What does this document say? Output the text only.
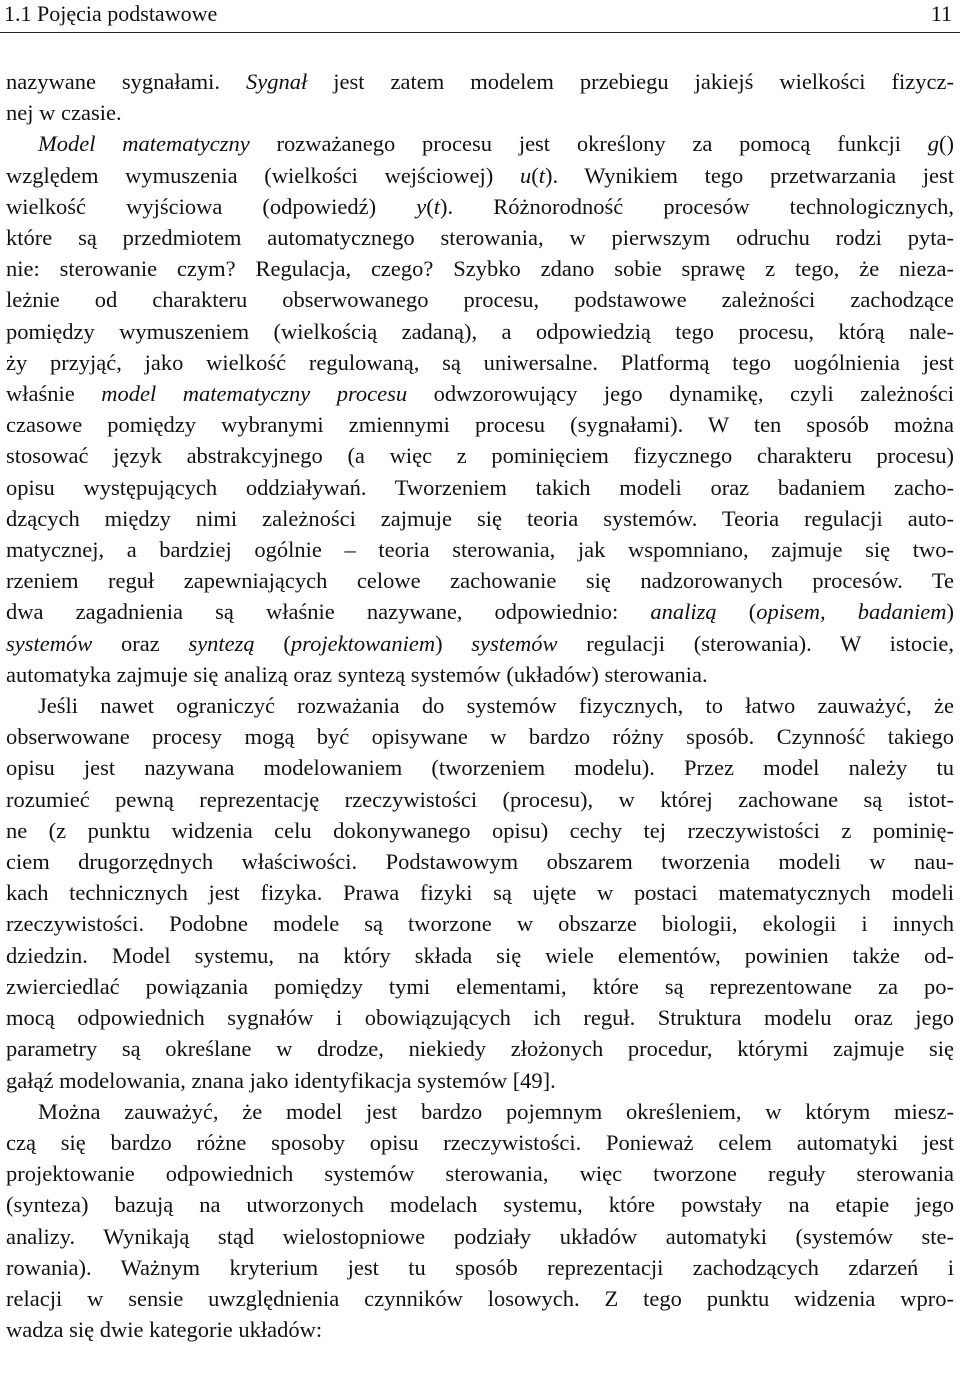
1.1 Pojęcia podstawowe	11
nazywane sygnałami. Sygnał jest zatem modelem przebiegu jakiejś wielkości fizycz-
nej w czasie.
Model matematyczny rozważanego procesu jest określony za pomocą funkcji g()
względem wymuszenia (wielkości wejściowej) u(t). Wynikiem tego przetwarzania jest
wielkość wyjściowa (odpowiedź) y(t). Różnorodność procesów technologicznych,
które są przedmiotem automatycznego sterowania, w pierwszym odruchu rodzi pyta-
nie: sterowanie czym? Regulacja, czego? Szybko zdano sobie sprawę z tego, że nieza-
leżnie od charakteru obserwowanego procesu, podstawowe zależności zachodzące
pomiędzy wymuszeniem (wielkością zadaną), a odpowiedzią tego procesu, którą nale-
ży przyjąć, jako wielkość regulowaną, są uniwersalne. Platformą tego uogólnienia jest
właśnie model matematyczny procesu odwzorowujący jego dynamikę, czyli zależności
czasowe pomiędzy wybranymi zmiennymi procesu (sygnałami). W ten sposób można
stosować język abstrakcyjnego (a więc z pominięciem fizycznego charakteru procesu)
opisu występujących oddziaływań. Tworzeniem takich modeli oraz badaniem zacho-
dzących między nimi zależności zajmuje się teoria systemów. Teoria regulacji auto-
matycznej, a bardziej ogólnie – teoria sterowania, jak wspomniano, zajmuje się two-
rzeniem reguł zapewniających celowe zachowanie się nadzorowanych procesów. Te
dwa zagadnienia są właśnie nazywane, odpowiednio: analizą (opisem, badaniem)
systemów oraz syntezą (projektowaniem) systemów regulacji (sterowania). W istocie,
automatyka zajmuje się analizą oraz syntezą systemów (układów) sterowania.
Jeśli nawet ograniczyć rozważania do systemów fizycznych, to łatwo zauważyć, że
obserwowane procesy mogą być opisywane w bardzo różny sposób. Czynność takiego
opisu jest nazywana modelowaniem (tworzeniem modelu). Przez model należy tu
rozumieć pewną reprezentację rzeczywistości (procesu), w której zachowane są istot-
ne (z punktu widzenia celu dokonywanego opisu) cechy tej rzeczywistości z pominię-
ciem drugorzędnych właściwości. Podstawowym obszarem tworzenia modeli w nau-
kach technicznych jest fizyka. Prawa fizyki są ujęte w postaci matematycznych modeli
rzeczywistości. Podobne modele są tworzone w obszarze biologii, ekologii i innych
dziedzin. Model systemu, na który składa się wiele elementów, powinien także od-
zwierciedlać powiązania pomiędzy tymi elementami, które są reprezentowane za po-
mocą odpowiednich sygnałów i obowiązujących ich reguł. Struktura modelu oraz jego
parametry są określane w drodze, niekiedy złożonych procedur, którymi zajmuje się
gałąź modelowania, znana jako identyfikacja systemów [49].
Można zauważyć, że model jest bardzo pojemnym określeniem, w którym miesz-
czą się bardzo różne sposoby opisu rzeczywistości. Ponieważ celem automatyki jest
projektowanie odpowiednich systemów sterowania, więc tworzone reguły sterowania
(synteza) bazują na utworzonych modelach systemu, które powstały na etapie jego
analizy. Wynikają stąd wielostopniowe podziały układów automatyki (systemów ste-
rowania). Ważnym kryterium jest tu sposób reprezentacji zachodzących zdarzeń i
relacji w sensie uwzględnienia czynników losowych. Z tego punktu widzenia wpro-
wadza się dwie kategorie układów:
